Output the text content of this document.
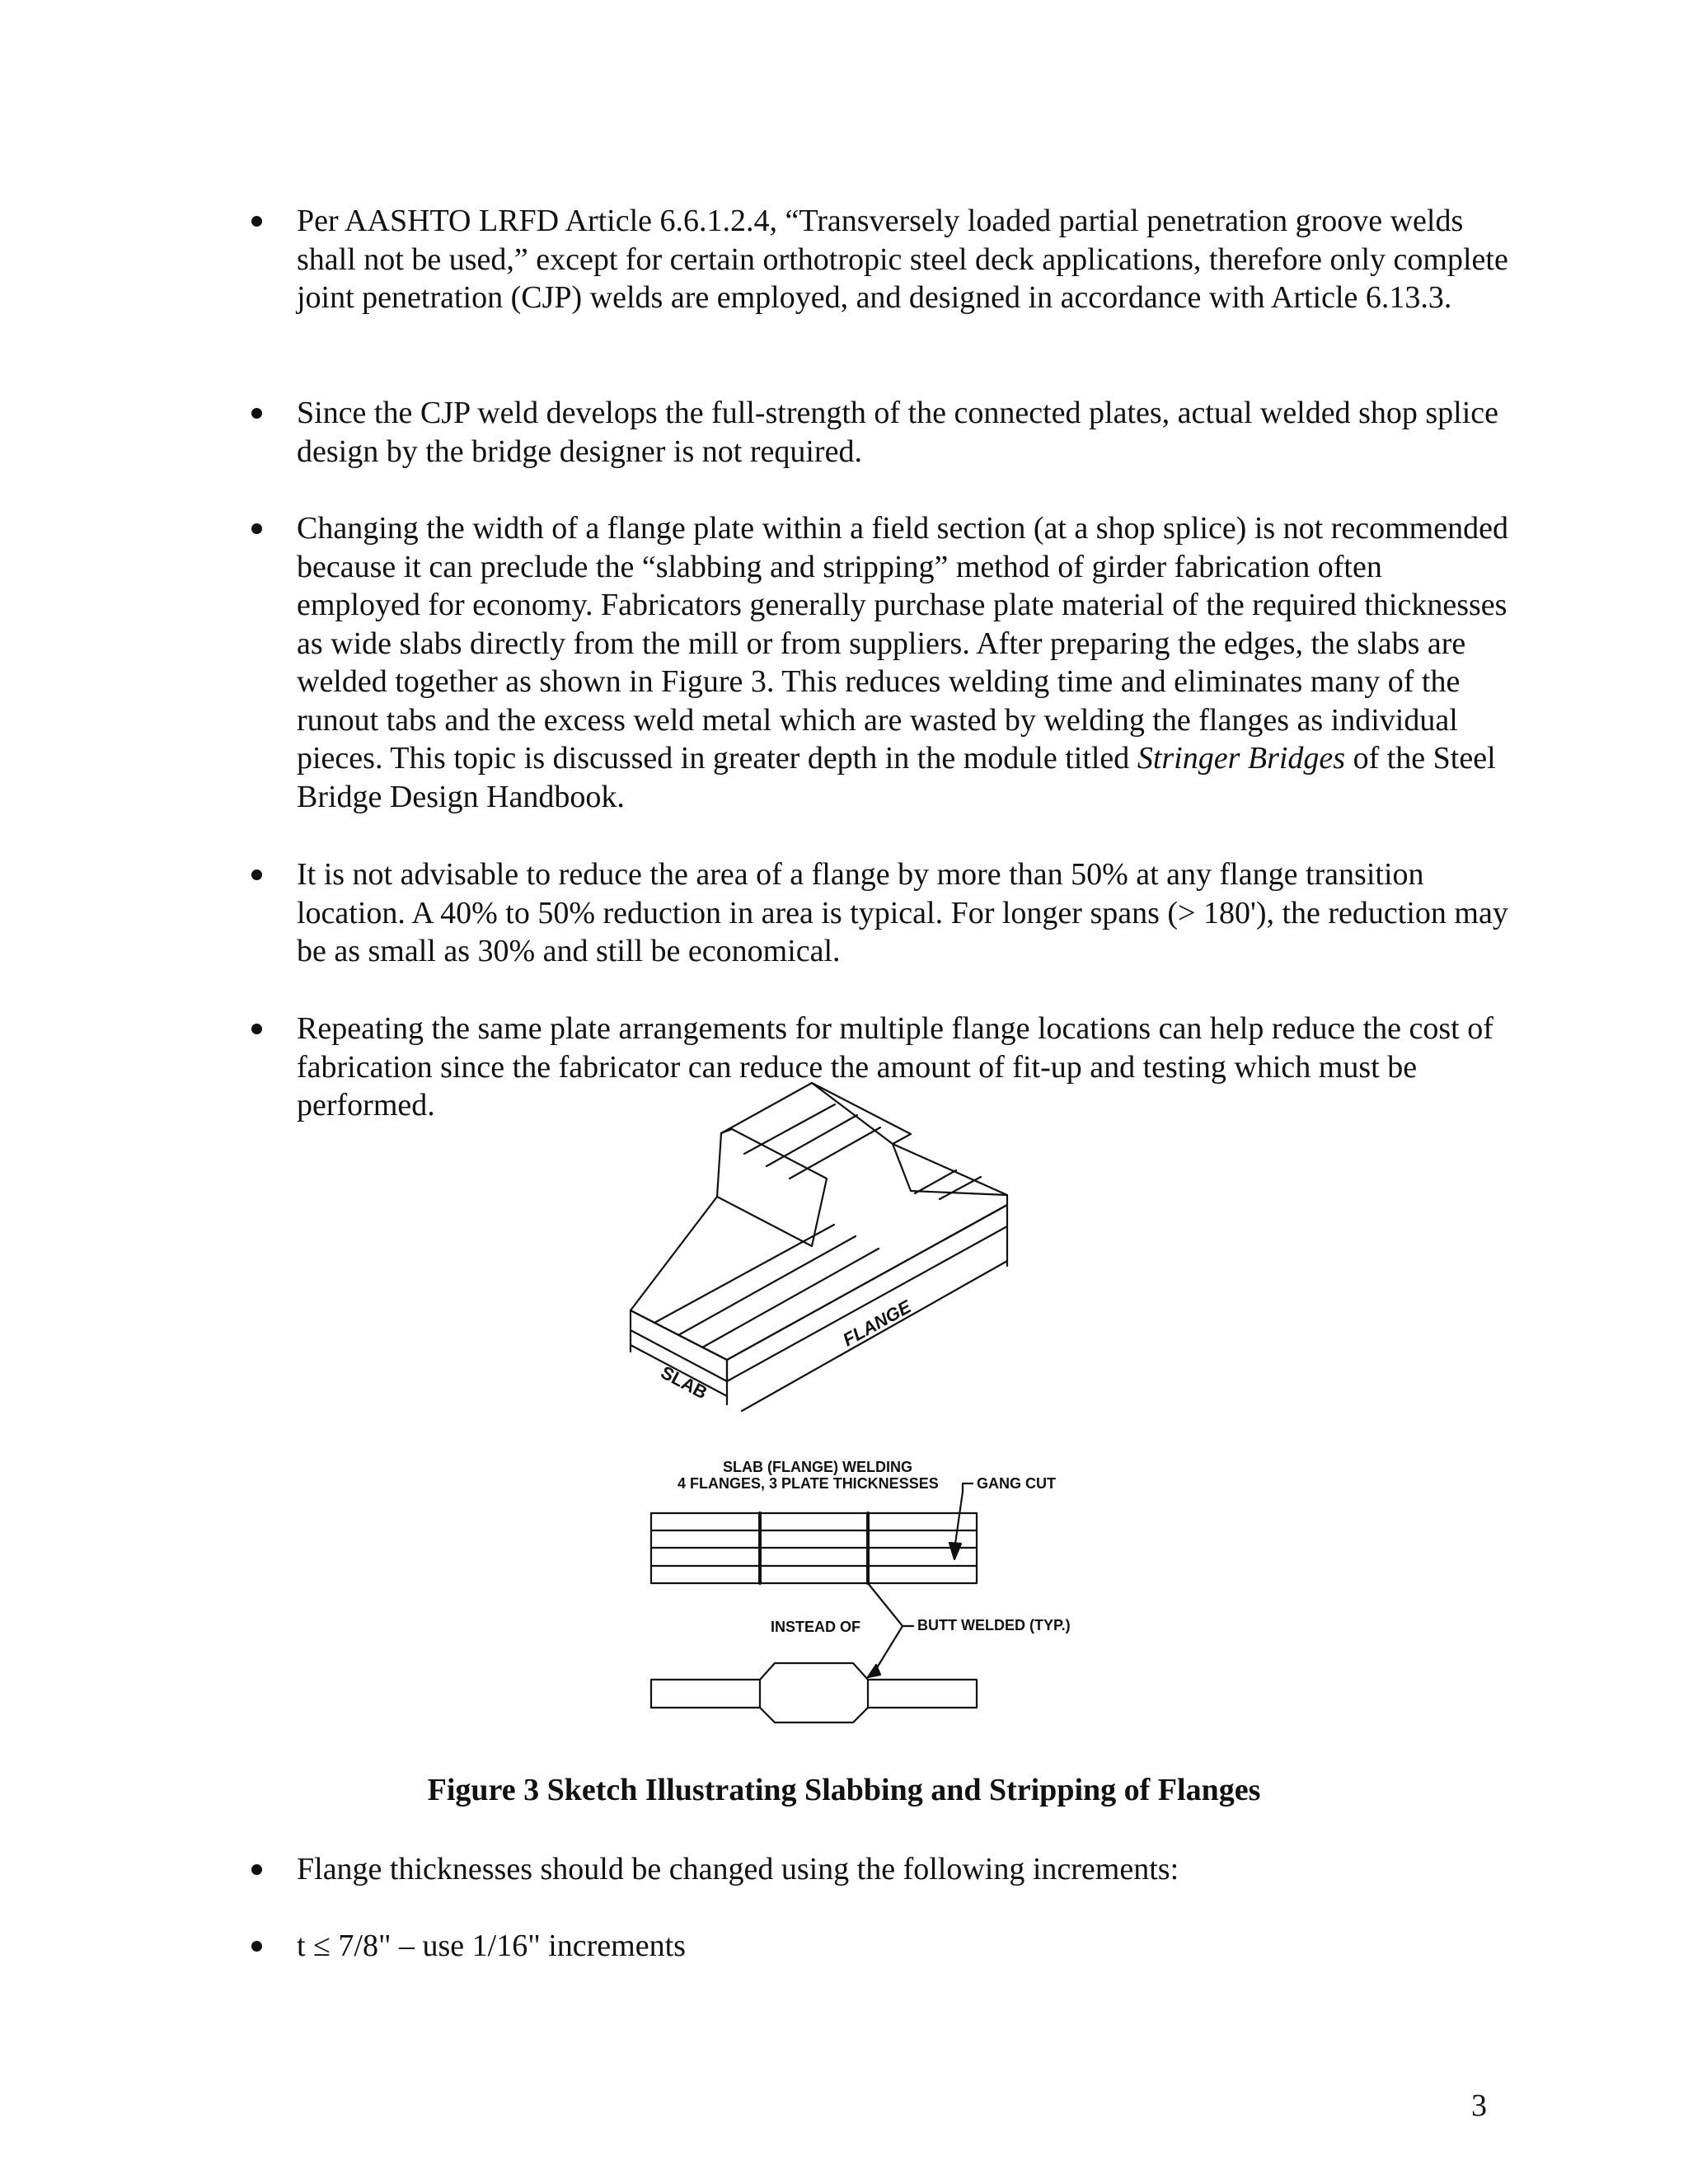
Per AASHTO LRFD Article 6.6.1.2.4, “Transversely loaded partial penetration groove welds shall not be used,” except for certain orthotropic steel deck applications, therefore only complete joint penetration (CJP) welds are employed, and designed in accordance with Article 6.13.3.

Since the CJP weld develops the full-strength of the connected plates, actual welded shop splice design by the bridge designer is not required.

Changing the width of a flange plate within a field section (at a shop splice) is not recommended because it can preclude the “slabbing and stripping” method of girder fabrication often employed for economy. Fabricators generally purchase plate material of the required thicknesses as wide slabs directly from the mill or from suppliers. After preparing the edges, the slabs are welded together as shown in Figure 3. This reduces welding time and eliminates many of the runout tabs and the excess weld metal which are wasted by welding the flanges as individual pieces. This topic is discussed in greater depth in the module titled Stringer Bridges of the Steel Bridge Design Handbook.

It is not advisable to reduce the area of a flange by more than 50% at any flange transition location. A 40% to 50% reduction in area is typical. For longer spans (> 180'), the reduction may be as small as 30% and still be economical.

Repeating the same plate arrangements for multiple flange locations can help reduce the cost of fabrication since the fabricator can reduce the amount of fit-up and testing which must be performed.

Flange thicknesses should be changed using the following increments:

t ≤ 7/8" – use 1/16" increments

SLAB
FLANGE
SLAB (FLANGE) WELDING
4 FLANGES, 3 PLATE THICKNESSES	GANG CUT
INSTEAD OF	BUTT WELDED (TYP.)
Figure 3 Sketch Illustrating Slabbing and Stripping of Flanges
3
